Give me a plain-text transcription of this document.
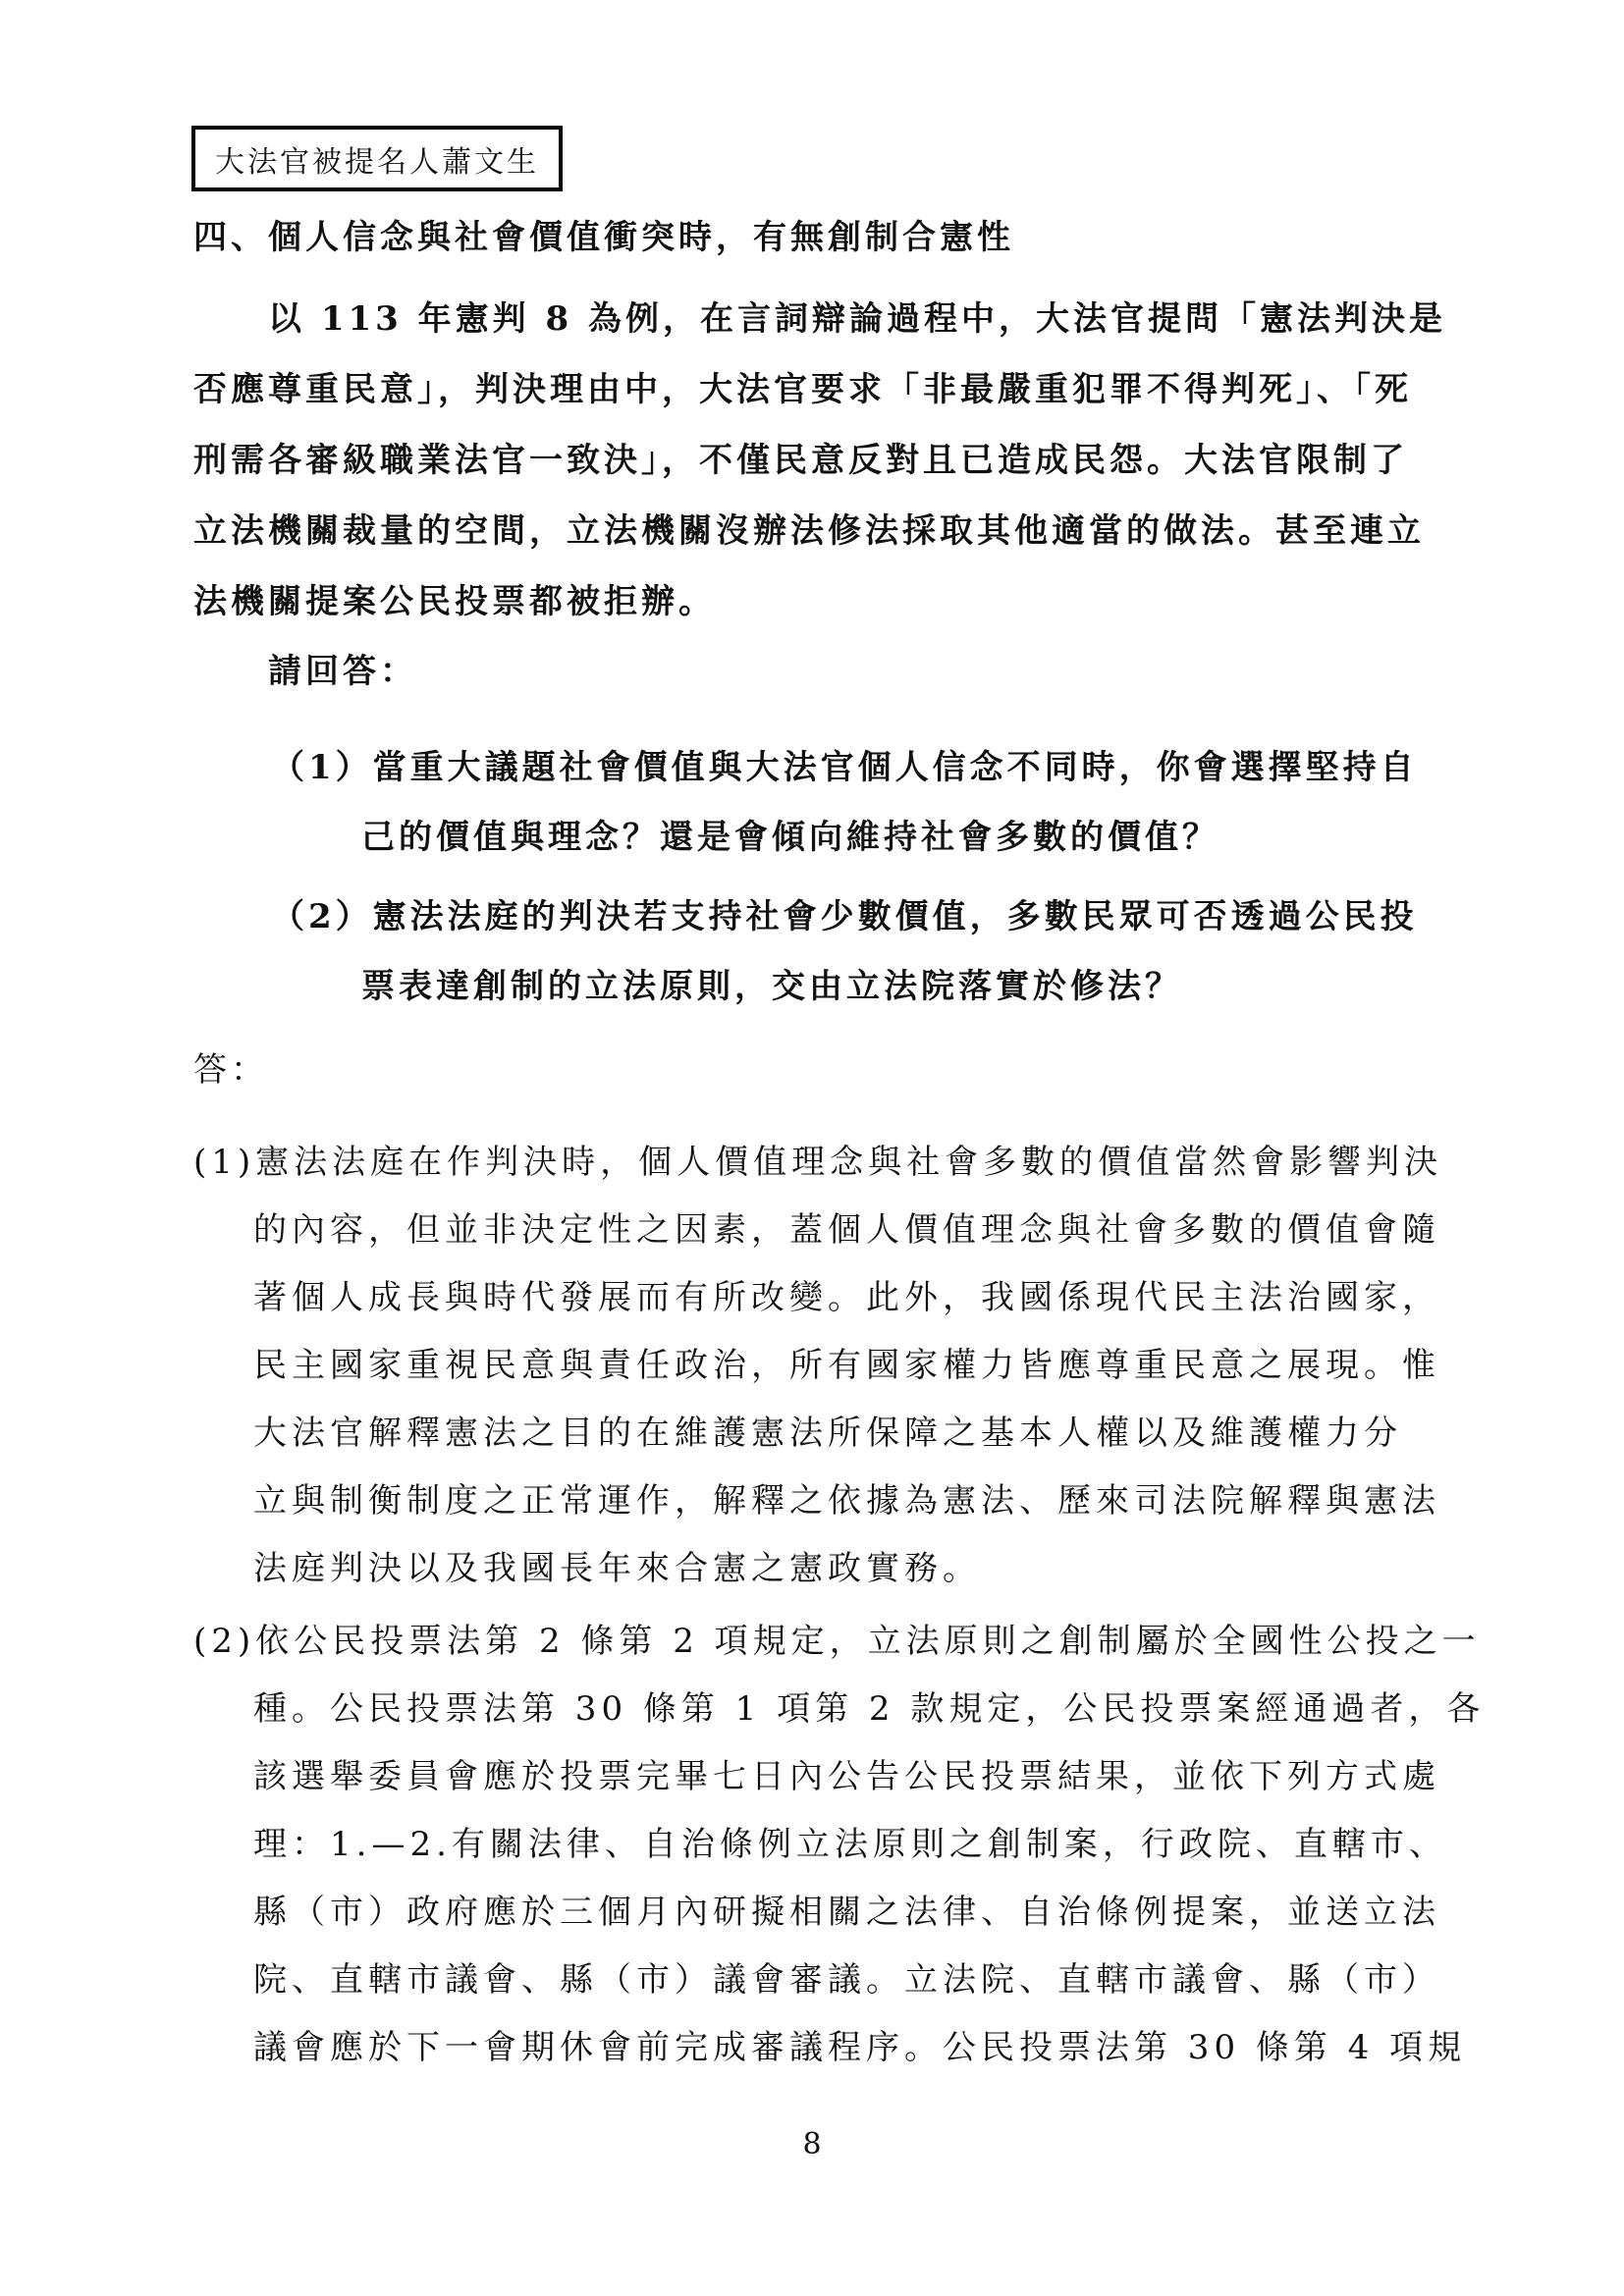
大法官被提名人蕭文生
四、個人信念與社會價值衝突時，有無創制合憲性
以 113 年憲判 8 為例，在言詞辯論過程中，大法官提問「憲法判決是
否應尊重民意」，判決理由中，大法官要求「非最嚴重犯罪不得判死」、「死
刑需各審級職業法官一致決」，不僅民意反對且已造成民怨。大法官限制了
立法機關裁量的空間，立法機關沒辦法修法採取其他適當的做法。甚至連立
法機關提案公民投票都被拒辦。
請回答：
（1）當重大議題社會價值與大法官個人信念不同時，你會選擇堅持自
己的價值與理念？還是會傾向維持社會多數的價值？
（2）憲法法庭的判決若支持社會少數價值，多數民眾可否透過公民投
票表達創制的立法原則，交由立法院落實於修法？
答：
(1)憲法法庭在作判決時，個人價值理念與社會多數的價值當然會影響判決
的內容，但並非決定性之因素，蓋個人價值理念與社會多數的價值會隨
著個人成長與時代發展而有所改變。此外，我國係現代民主法治國家，
民主國家重視民意與責任政治，所有國家權力皆應尊重民意之展現。惟
大法官解釋憲法之目的在維護憲法所保障之基本人權以及維護權力分
立與制衡制度之正常運作，解釋之依據為憲法、歷來司法院解釋與憲法
法庭判決以及我國長年來合憲之憲政實務。
(2)依公民投票法第 2 條第 2 項規定，立法原則之創制屬於全國性公投之一
種。公民投票法第 30 條第 1 項第 2 款規定，公民投票案經通過者，各
該選舉委員會應於投票完畢七日內公告公民投票結果，並依下列方式處
理：1.—2.有關法律、自治條例立法原則之創制案，行政院、直轄市、
縣（市）政府應於三個月內研擬相關之法律、自治條例提案，並送立法
院、直轄市議會、縣（市）議會審議。立法院、直轄市議會、縣（市）
議會應於下一會期休會前完成審議程序。公民投票法第 30 條第 4 項規
8
